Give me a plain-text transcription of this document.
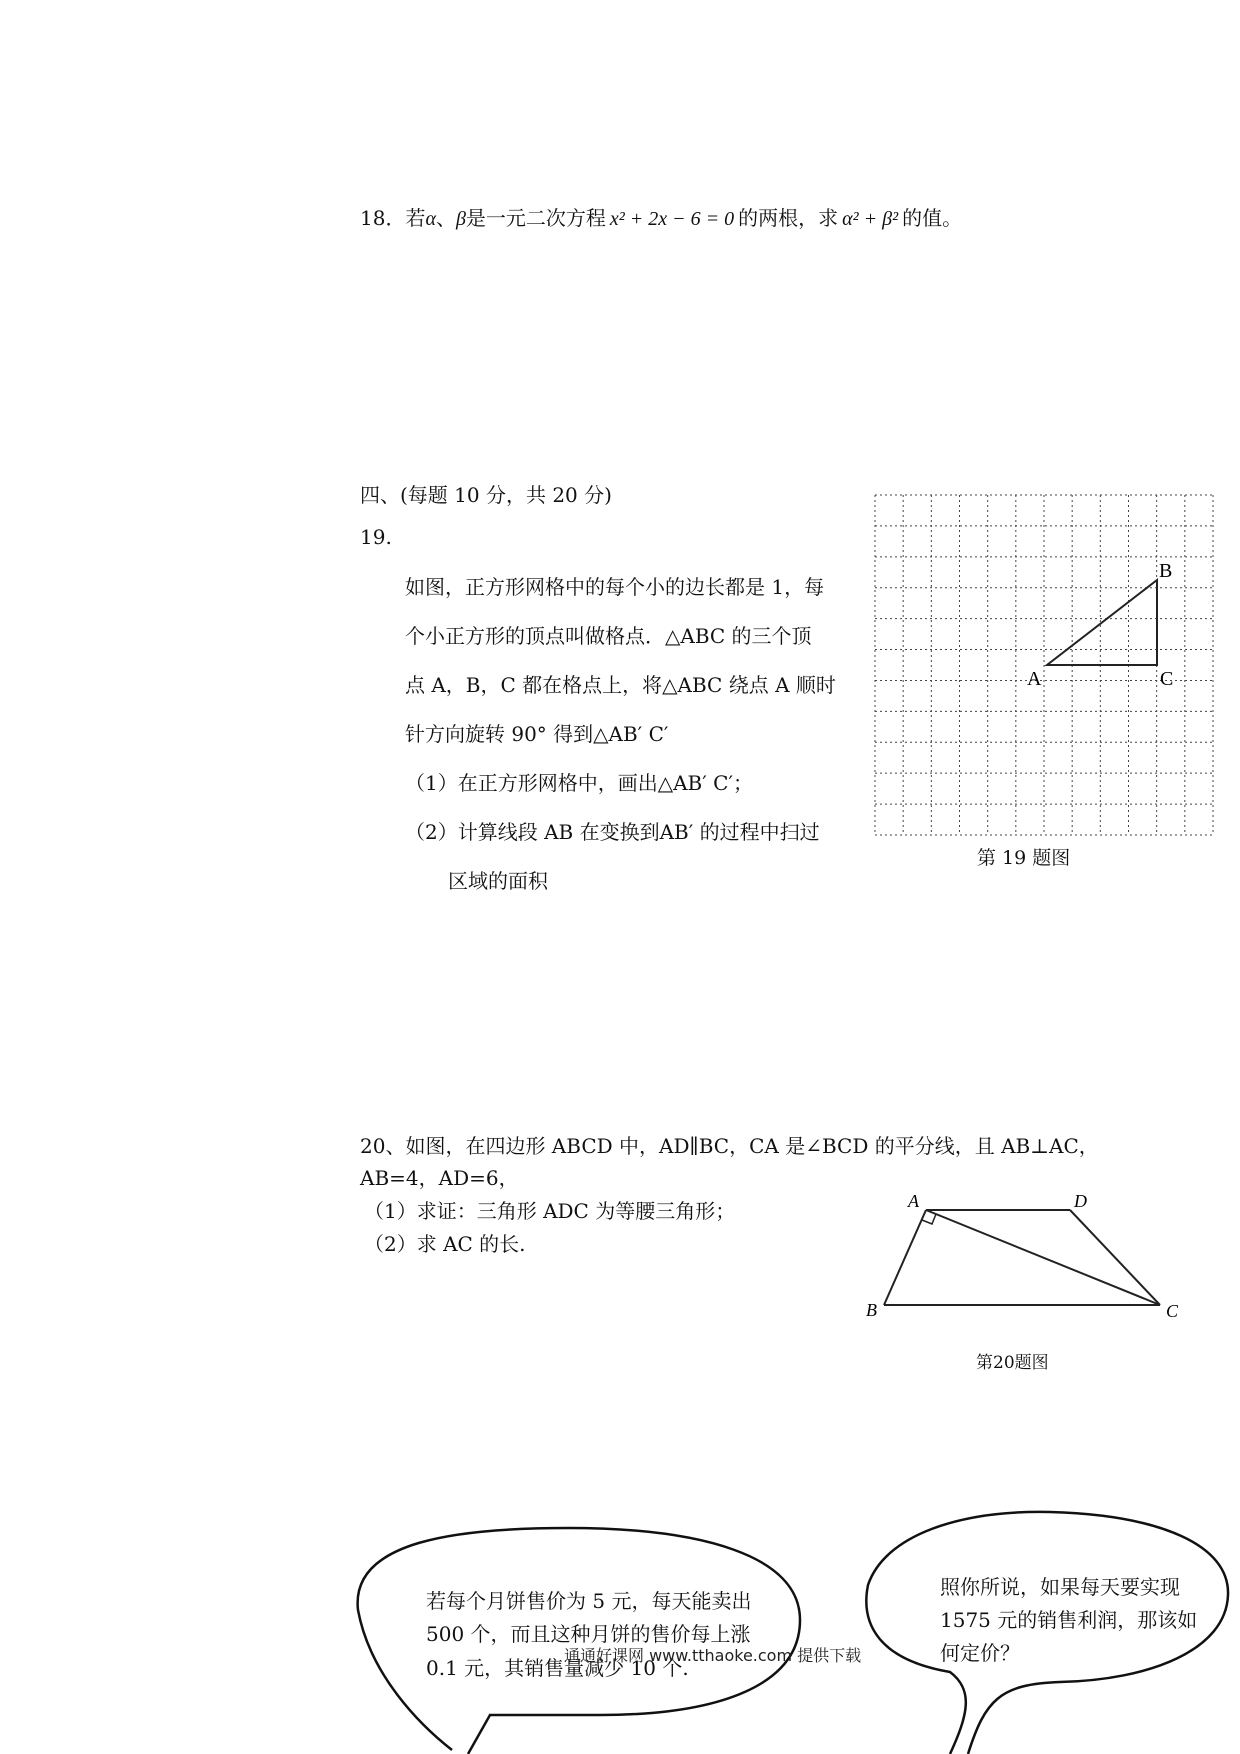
18．若α、β是一元二次方程 x² + 2x − 6 = 0 的两根，求 α² + β² 的值。
四、(每题 10 分，共 20 分)
19.
如图，正方形网格中的每个小的边长都是 1，每
个小正方形的顶点叫做格点．△ABC 的三个顶
点 A，B，C 都在格点上，将△ABC 绕点 A 顺时
针方向旋转 90° 得到△AB′ C′
（1）在正方形网格中，画出△AB′ C′；
（2）计算线段 AB 在变换到AB′ 的过程中扫过
区域的面积
A
B
C
第 19 题图
20、如图，在四边形 ABCD 中，AD∥BC，CA 是∠BCD 的平分线，且 AB⊥AC，
AB=4，AD=6，
（1）求证：三角形 ADC 为等腰三角形；
（2）求 AC 的长.
A	D
B	C
第20题图
若每个月饼售价为 5 元，每天能卖出
500 个，而且这种月饼的售价每上涨
0.1 元，其销售量减少 10 个.
照你所说，如果每天要实现
1575 元的销售利润，那该如
何定价？
通通好课网 www.tthaoke.com 提供下载
